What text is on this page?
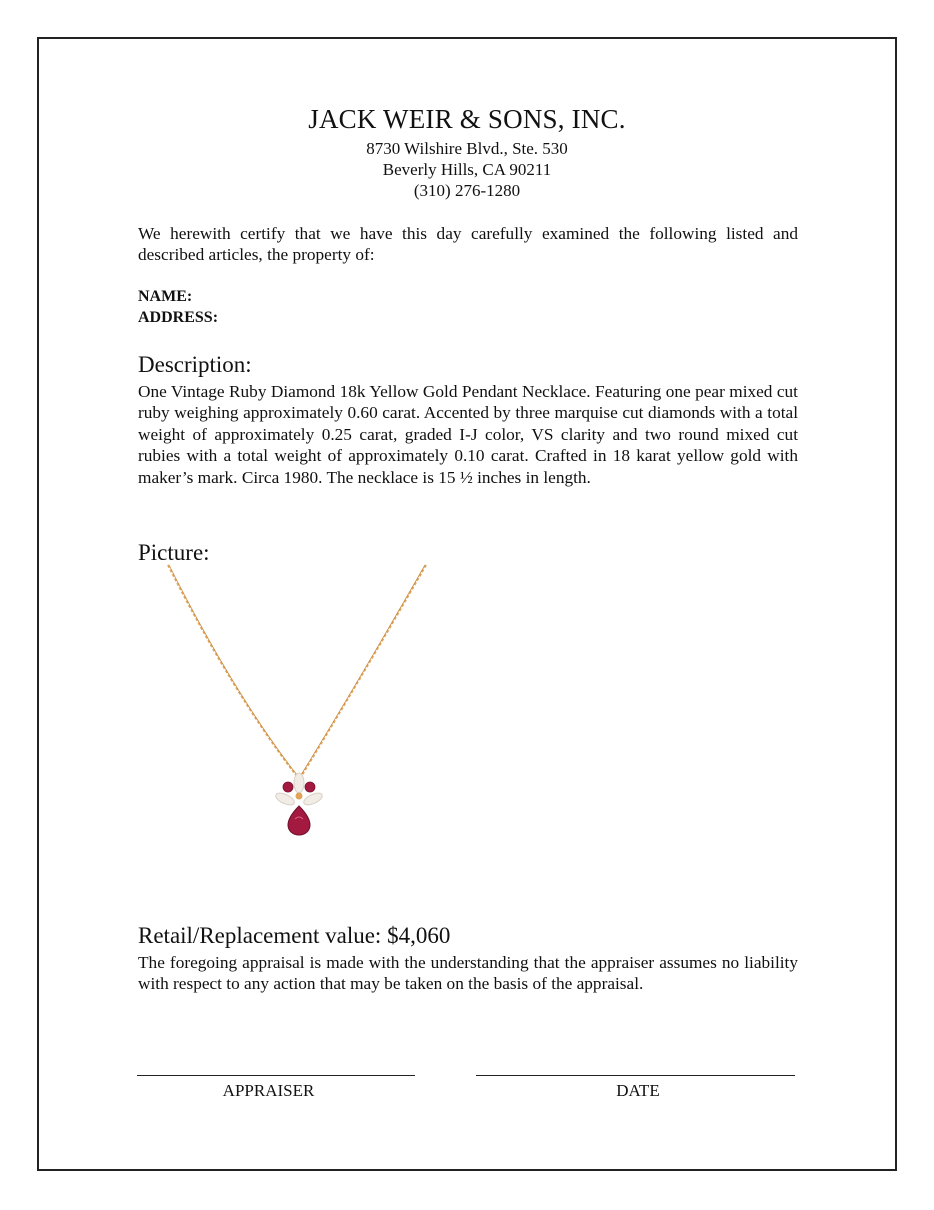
JACK WEIR & SONS, INC.
8730 Wilshire Blvd., Ste. 530
Beverly Hills, CA 90211
(310) 276-1280
We herewith certify that we have this day carefully examined the following listed and described articles, the property of:
NAME:
ADDRESS:
Description:
One Vintage Ruby Diamond 18k Yellow Gold Pendant Necklace. Featuring one pear mixed cut ruby weighing approximately 0.60 carat. Accented by three marquise cut diamonds with a total weight of approximately 0.25 carat, graded I-J color, VS clarity and two round mixed cut rubies with a total weight of approximately 0.10 carat. Crafted in 18 karat yellow gold with maker’s mark. Circa 1980. The necklace is 15 ½ inches in length.
Picture:
Retail/Replacement value: $4,060
The foregoing appraisal is made with the understanding that the appraiser assumes no liability with respect to any action that may be taken on the basis of the appraisal.
APPRAISER	DATE
